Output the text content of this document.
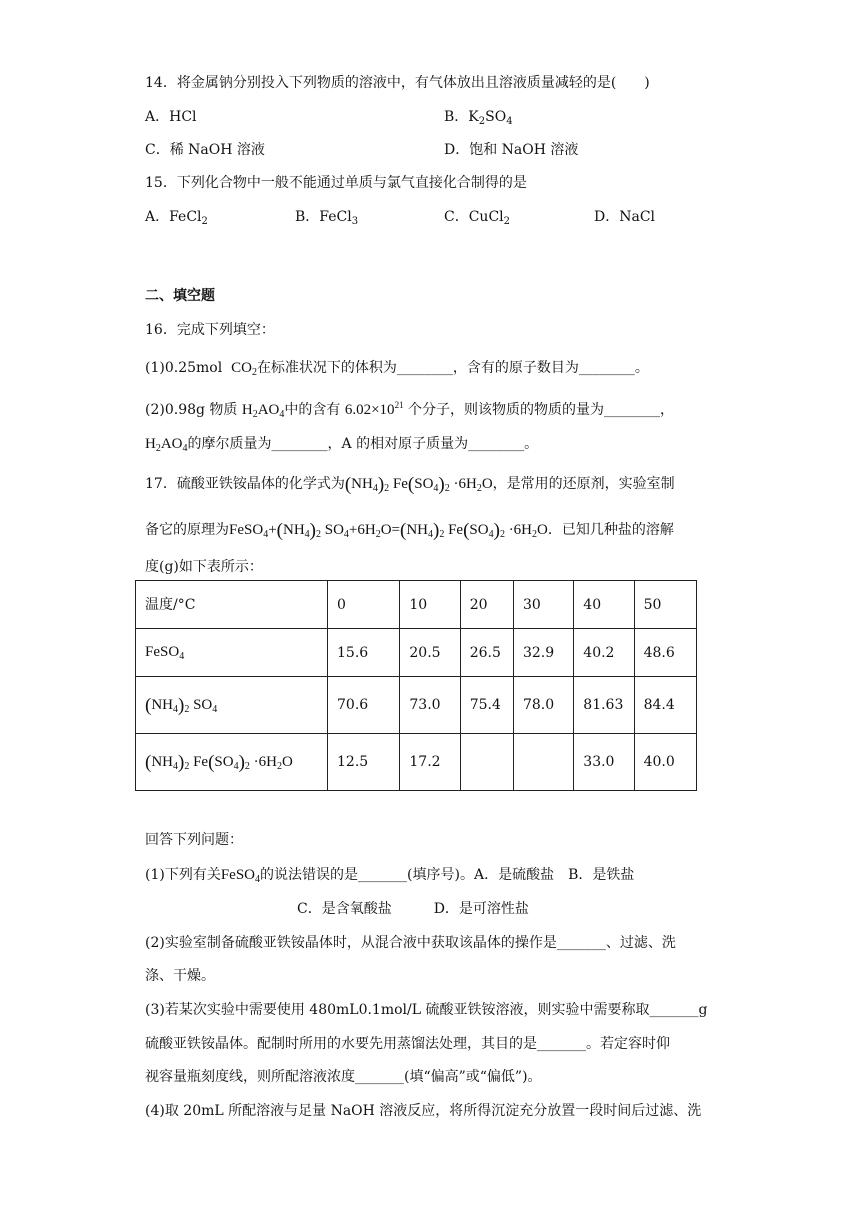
14．将金属钠分别投入下列物质的溶液中，有气体放出且溶液质量减轻的是(　　)
A．HCl	B．$K_2SO_4$
C．稀 NaOH 溶液	D．饱和 NaOH 溶液
15．下列化合物中一般不能通过单质与氯气直接化合制得的是
A．FeCl$_2$	B．FeCl$_3$	C．CuCl$_2$	D．NaCl
二、填空题
16．完成下列填空：
(1)0.25mol $CO_2$在标准状况下的体积为________，含有的原子数目为________。
(2)0.98g 物质 $H_2AO_4$中的含有 $6.02\times 10^{21}$ 个分子，则该物质的物质的量为________，
$H_2AO_4$的摩尔质量为________，A 的相对原子质量为________。
17．硫酸亚铁铵晶体的化学式为$(NH_4)_2$ $Fe(SO_4)_2 \cdot 6H_2O$，是常用的还原剂，实验室制
备它的原理为$FeSO_4+(NH_4)_2$ $SO_4+6H_2O=(NH_4)_2$ $Fe(SO_4)_2 \cdot 6H_2O$．已知几种盐的溶解
度(g)如下表所示：
温度/°C	0	10	20	30	40	50
FeSO$_4$	15.6	20.5	26.5	32.9	40.2	48.6
$(NH_4)_2$ $SO_4$	70.6	73.0	75.4	78.0	81.63	84.4
$(NH_4)_2$ $Fe(SO_4)_2 \cdot 6H_2O$	12.5	17.2			33.0	40.0
回答下列问题：
(1)下列有关FeSO$_4$的说法错误的是_______(填序号)。A．是硫酸盐　B．是铁盐
C．是含氧酸盐　　　D．是可溶性盐
(2)实验室制备硫酸亚铁铵晶体时，从混合液中获取该晶体的操作是_______、过滤、洗
涤、干燥。
(3)若某次实验中需要使用 480mL0.1mol/L 硫酸亚铁铵溶液，则实验中需要称取_______g
硫酸亚铁铵晶体。配制时所用的水要先用蒸馏法处理，其目的是_______。若定容时仰
视容量瓶刻度线，则所配溶液浓度_______(填“偏高”或“偏低”)。
(4)取 20mL 所配溶液与足量 NaOH 溶液反应，将所得沉淀充分放置一段时间后过滤、洗
